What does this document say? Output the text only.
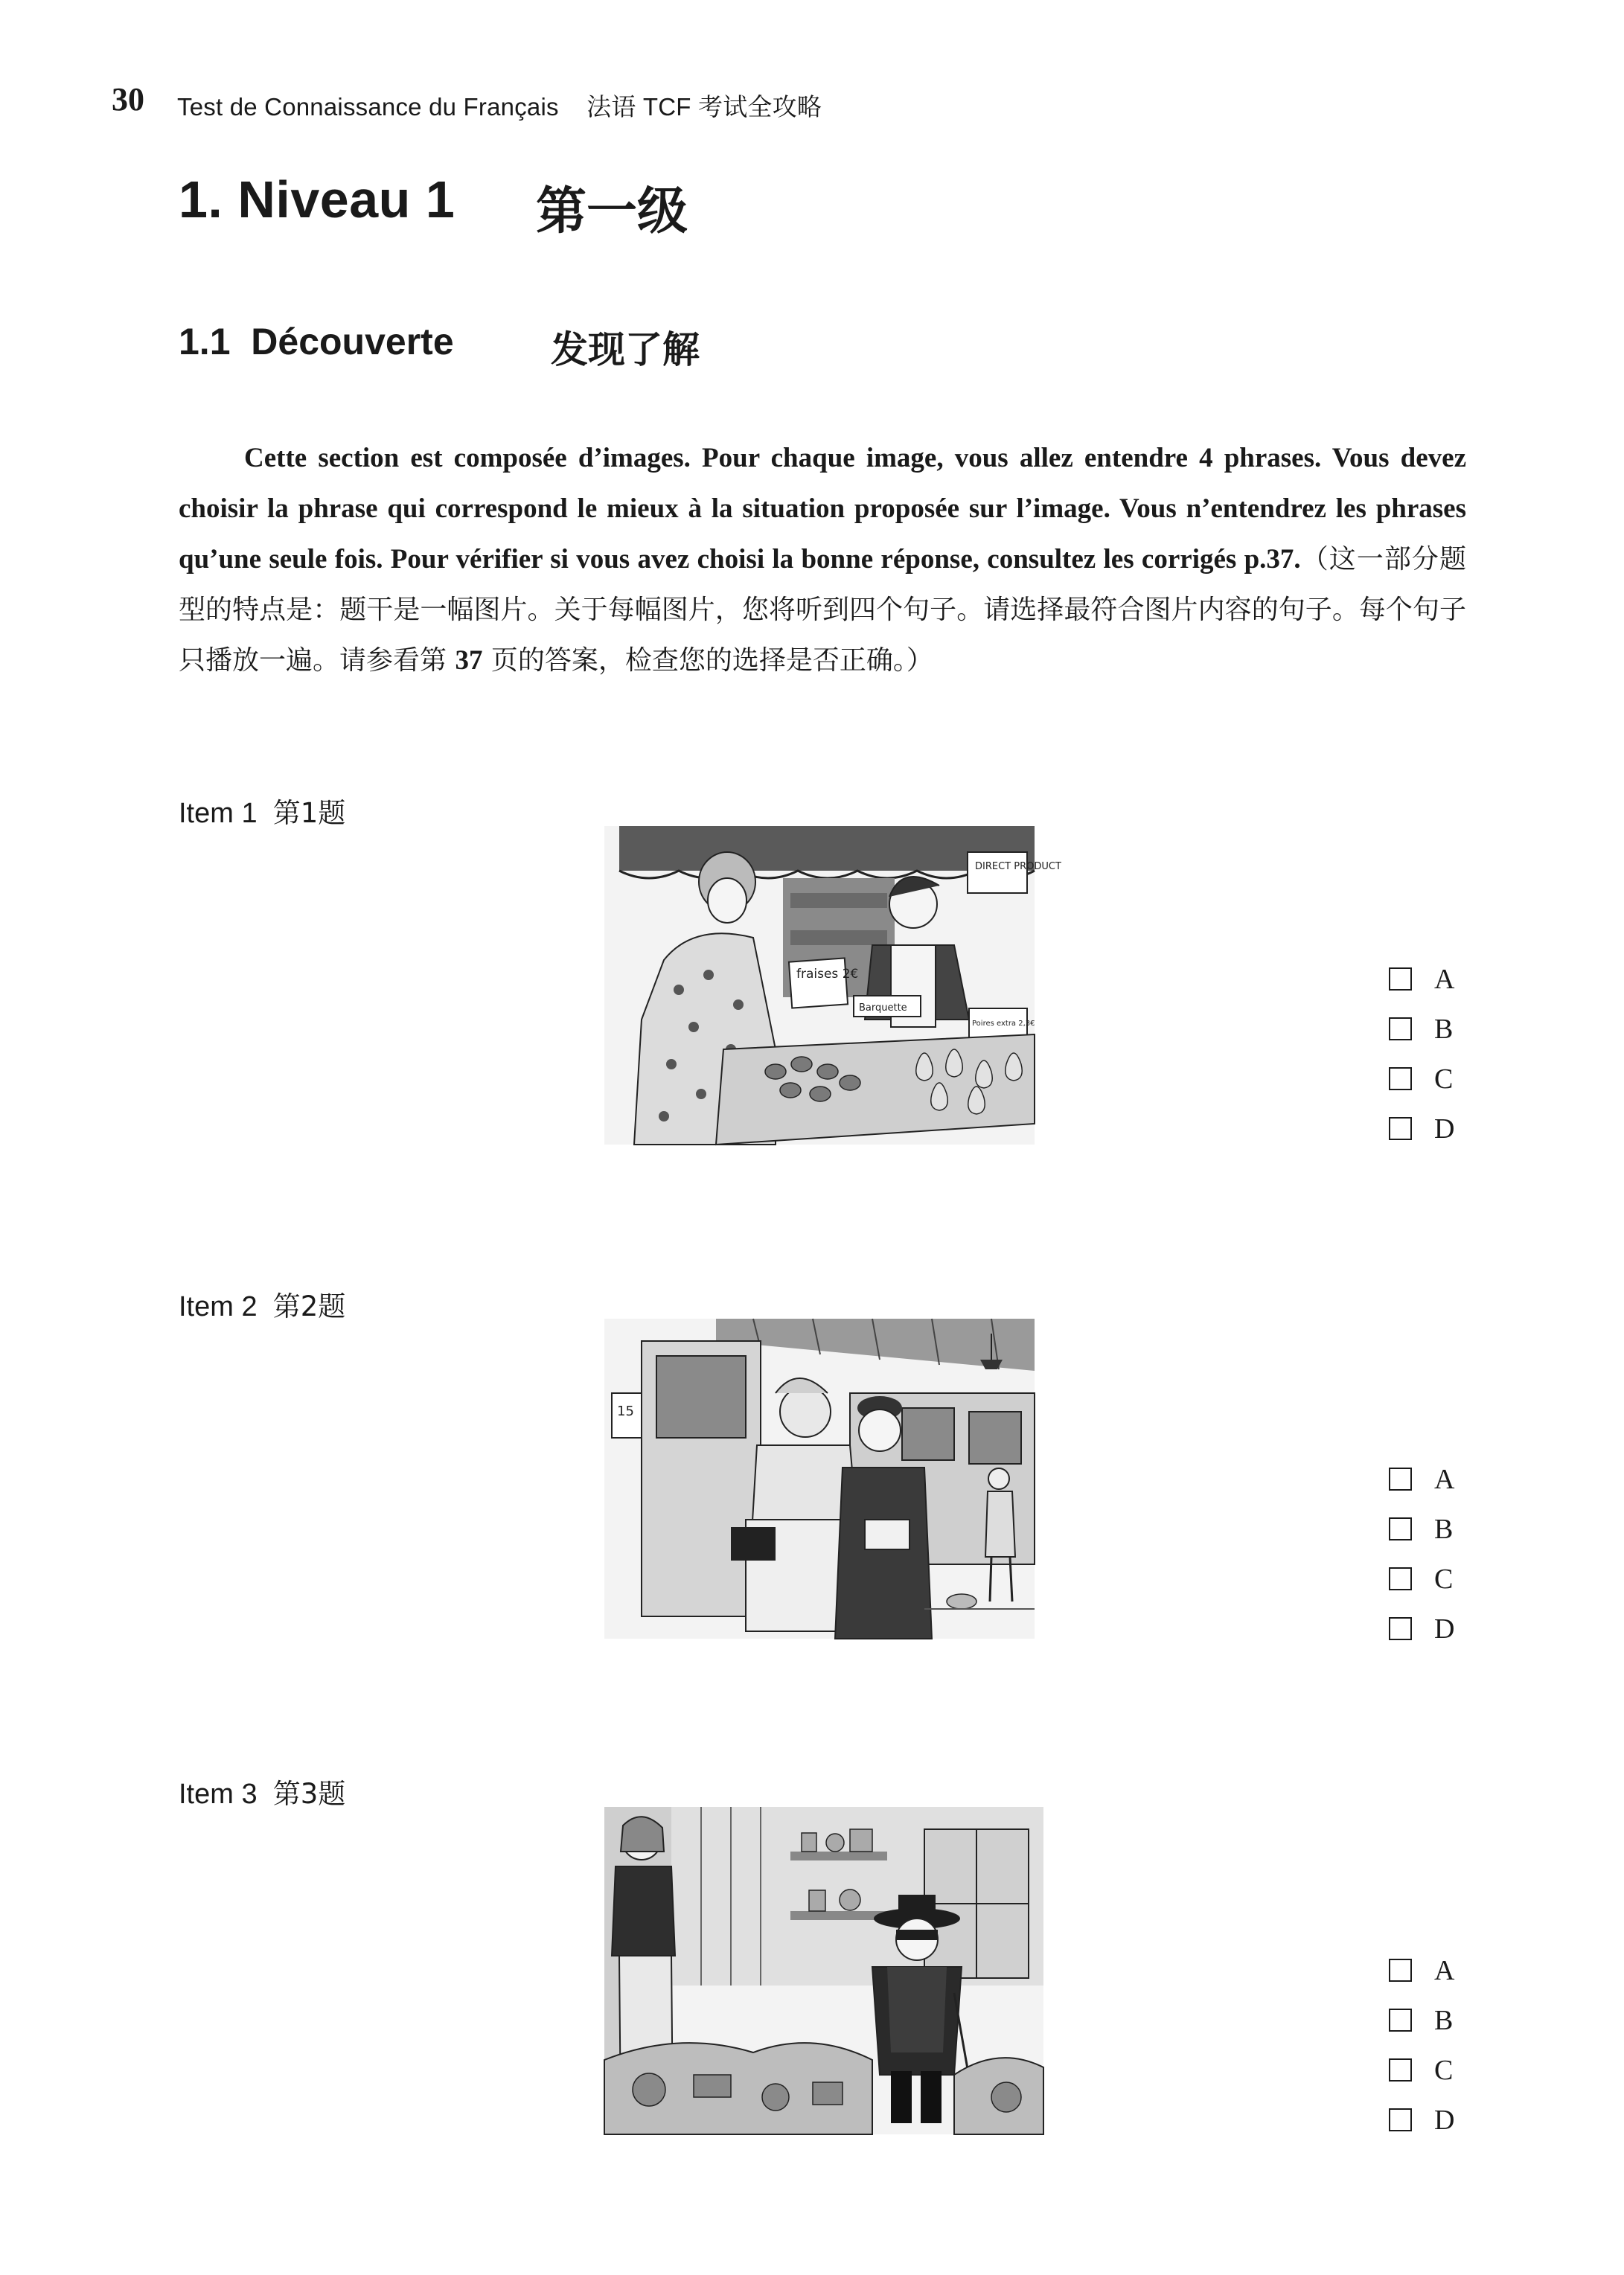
30 Test de Connaissance du Français    法语 TCF 考试全攻略
1. Niveau 1 第一级
1.1  Découverte	发现了解
Cette section est composée d’images. Pour chaque image, vous allez entendre 4 phrases. Vous devez choisir la phrase qui correspond le mieux à la situation proposée sur l’image. Vous n’entendrez les phrases qu’une seule fois. Pour vérifier si vous avez choisi la bonne réponse, consultez les corrigés p.37.（这一部分题型的特点是：题干是一幅图片。关于每幅图片，您将听到四个句子。请选择最符合图片内容的句子。每个句子只播放一遍。请参看第 37 页的答案，检查您的选择是否正确。）
Item 1 第1题
DIRECT PRODUCT
fraises 2€
Barquette
Poires extra 2,3€
A
B
C
D
Item 2 第2题
15
A
B
C
D
Item 3 第3题
A
B
C
D
